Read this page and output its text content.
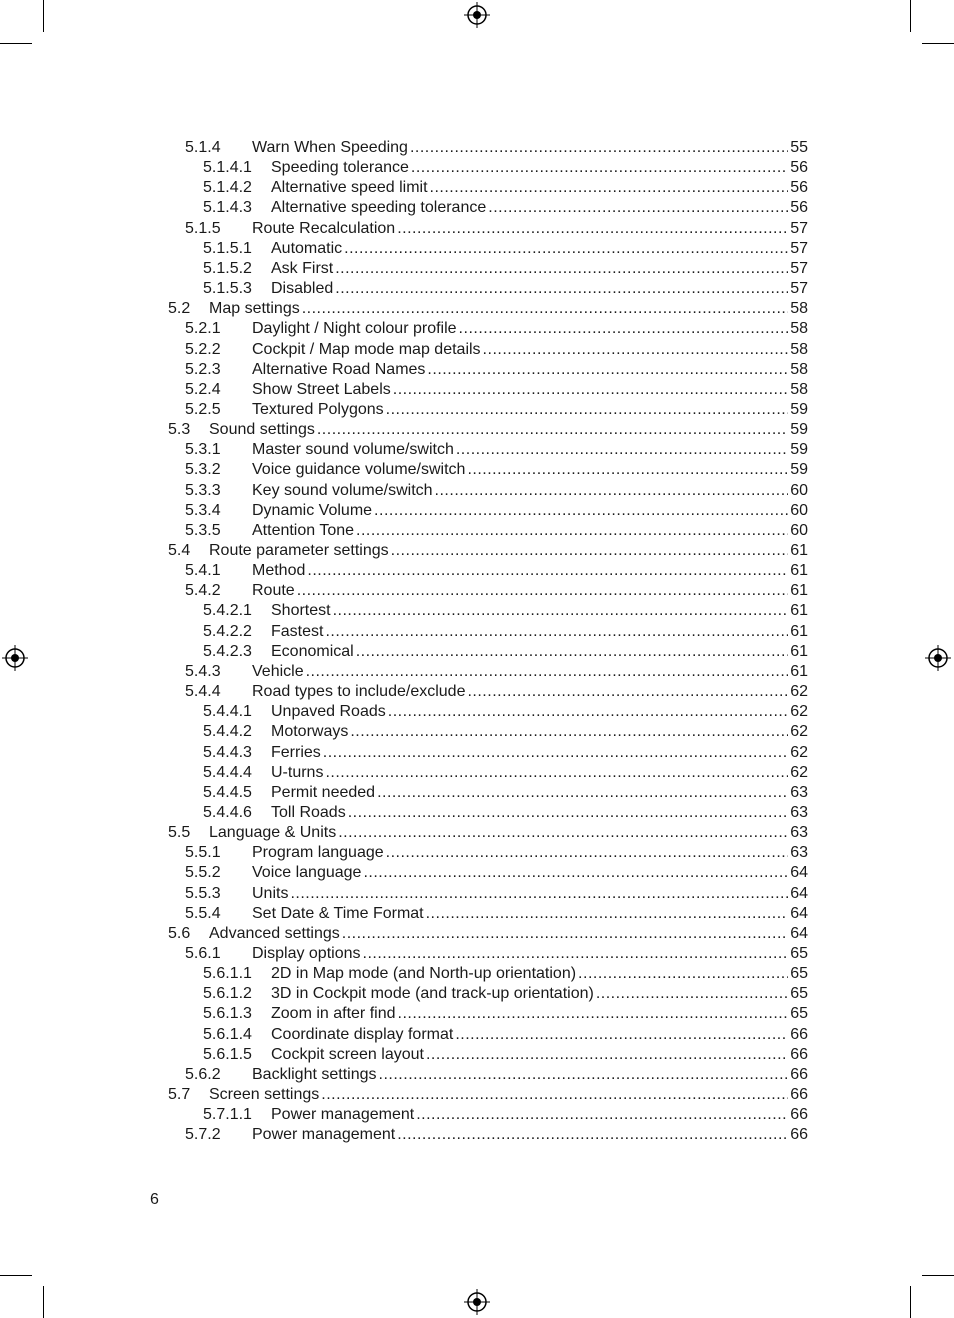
5.1.4	Warn When Speeding .....	55
5.1.4.1	Speeding tolerance .....	56
5.1.4.2	Alternative speed limit .....	56
5.1.4.3	Alternative speeding tolerance .....	56
5.1.5	Route Recalculation .....	57
5.1.5.1	Automatic .....	57
5.1.5.2	Ask First .....	57
5.1.5.3	Disabled .....	57
5.2	Map settings .....	58
5.2.1	Daylight / Night colour profile .....	58
5.2.2	Cockpit / Map mode map details .....	58
5.2.3	Alternative Road Names .....	58
5.2.4	Show Street Labels .....	58
5.2.5	Textured Polygons .....	59
5.3	Sound settings .....	59
5.3.1	Master sound volume/switch .....	59
5.3.2	Voice guidance volume/switch .....	59
5.3.3	Key sound volume/switch .....	60
5.3.4	Dynamic Volume .....	60
5.3.5	Attention Tone .....	60
5.4	Route parameter settings .....	61
5.4.1	Method .....	61
5.4.2	Route .....	61
5.4.2.1	Shortest .....	61
5.4.2.2	Fastest .....	61
5.4.2.3	Economical .....	61
5.4.3	Vehicle .....	61
5.4.4	Road types to include/exclude .....	62
5.4.4.1	Unpaved Roads .....	62
5.4.4.2	Motorways .....	62
5.4.4.3	Ferries .....	62
5.4.4.4	U-turns .....	62
5.4.4.5	Permit needed .....	63
5.4.4.6	Toll Roads .....	63
5.5	Language & Units .....	63
5.5.1	Program language .....	63
5.5.2	Voice language .....	64
5.5.3	Units .....	64
5.5.4	Set Date & Time Format .....	64
5.6	Advanced settings .....	64
5.6.1	Display options .....	65
5.6.1.1	2D in Map mode (and North-up orientation) .....	65
5.6.1.2	3D in Cockpit mode (and track-up orientation) .....	65
5.6.1.3	Zoom in after find .....	65
5.6.1.4	Coordinate display format .....	66
5.6.1.5	Cockpit screen layout .....	66
5.6.2	Backlight settings .....	66
5.7	Screen settings .....	66
5.7.1.1	Power management .....	66
5.7.2	Power management .....	66
6
